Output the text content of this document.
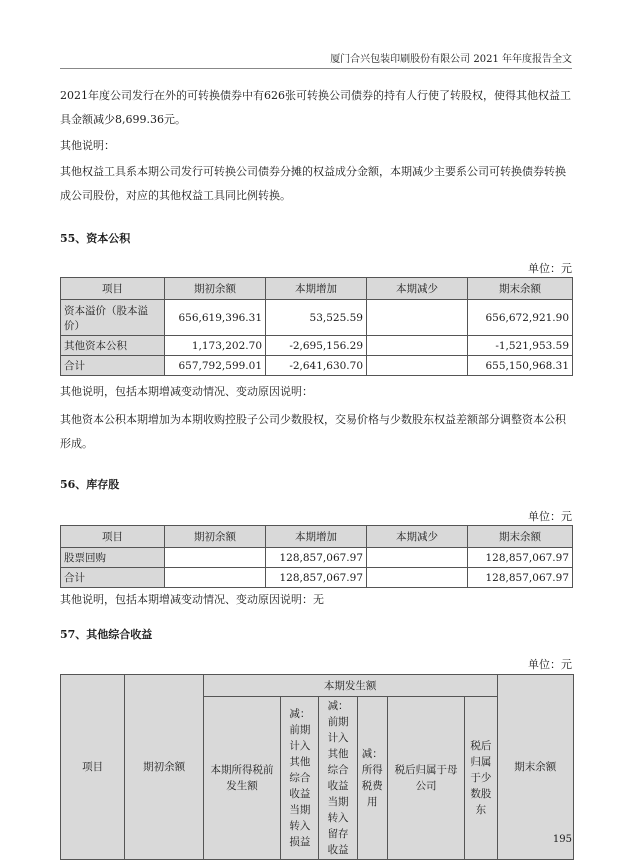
厦门合兴包装印刷股份有限公司 2021 年年度报告全文
2021年度公司发行在外的可转换债券中有626张可转换公司债券的持有人行使了转股权，使得其他权益工具金额减少8,699.36元。
其他说明：
其他权益工具系本期公司发行可转换公司债券分摊的权益成分金额，本期减少主要系公司可转换债券转换成公司股份，对应的其他权益工具同比例转换。
55、资本公积
单位：元
项目	期初余额	本期增加	本期减少	期末余额
资本溢价（股本溢价）	656,619,396.31	53,525.59		656,672,921.90
其他资本公积	1,173,202.70	-2,695,156.29		-1,521,953.59
合计	657,792,599.01	-2,641,630.70		655,150,968.31
其他说明，包括本期增减变动情况、变动原因说明：
其他资本公积本期增加为本期收购控股子公司少数股权，交易价格与少数股东权益差额部分调整资本公积形成。
56、库存股
单位：元
项目	期初余额	本期增加	本期减少	期末余额
股票回购		128,857,067.97		128,857,067.97
合计		128,857,067.97		128,857,067.97
其他说明，包括本期增减变动情况、变动原因说明：无
57、其他综合收益
单位：元
项目	期初余额	本期发生额						期末余额
		本期所得税前发生额	减：前期计入其他综合收益当期转入损益	减：前期计入其他综合收益当期转入留存收益	减：所得税费用	税后归属于母公司	税后归属于少数股东	
195
